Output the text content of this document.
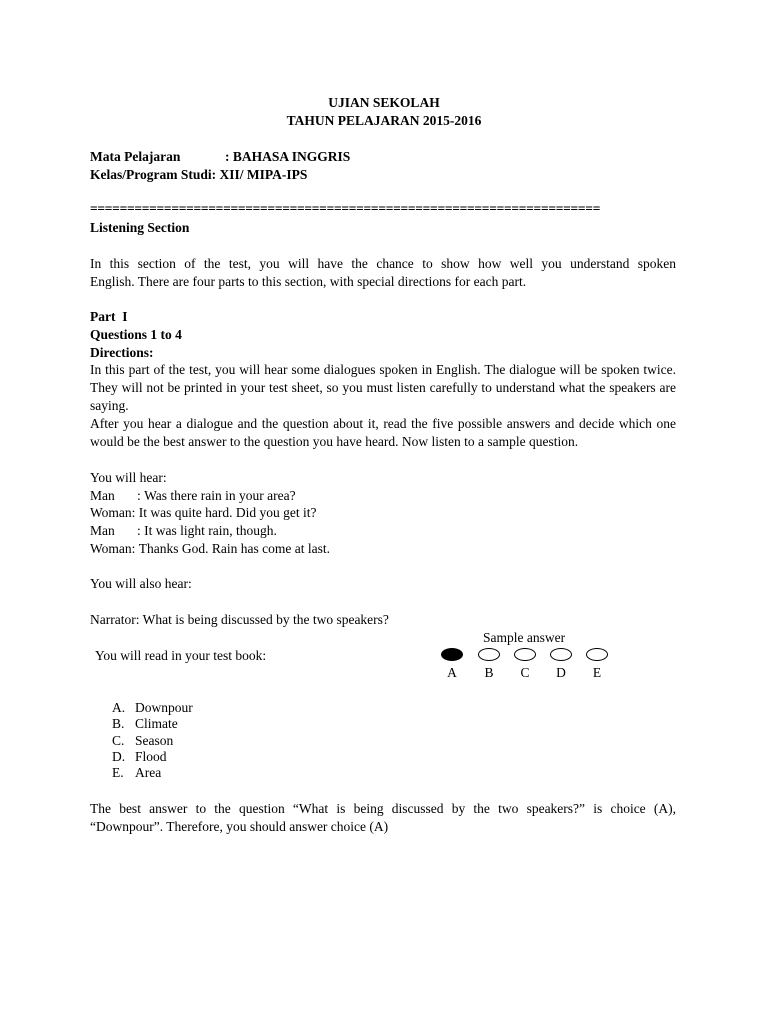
UJIAN SEKOLAH
TAHUN PELAJARAN 2015-2016
Mata Pelajaran	: BAHASA INGGRIS
Kelas/Program Studi: XII/ MIPA-IPS
=====================================================================
Listening Section
In this section of the test, you will have the chance to show how well you understand spoken
English. There are four parts to this section, with special directions for each part.
Part  I
Questions 1 to 4
Directions:
In this part of the test, you will hear some dialogues spoken in English. The dialogue will be spoken twice. They will not be printed in your test sheet, so you must listen carefully to understand what the speakers are saying.
After you hear a dialogue and the question about it, read the five possible answers and decide which one would be the best answer to the question you have heard. Now listen to a sample question.
You will hear:
Man : Was there rain in your area?
Woman: It was quite hard. Did you get it?
Man : It was light rain, though.
Woman: Thanks God. Rain has come at last.
You will also hear:
Narrator: What is being discussed by the two speakers?
Sample answer
You will read in your test book:
A	B	C	D	E
A. Downpour
B. Climate
C. Season
D. Flood
E. Area
The best answer to the question “What is being discussed by the two speakers?” is choice (A),
“Downpour”. Therefore, you should answer choice (A)
